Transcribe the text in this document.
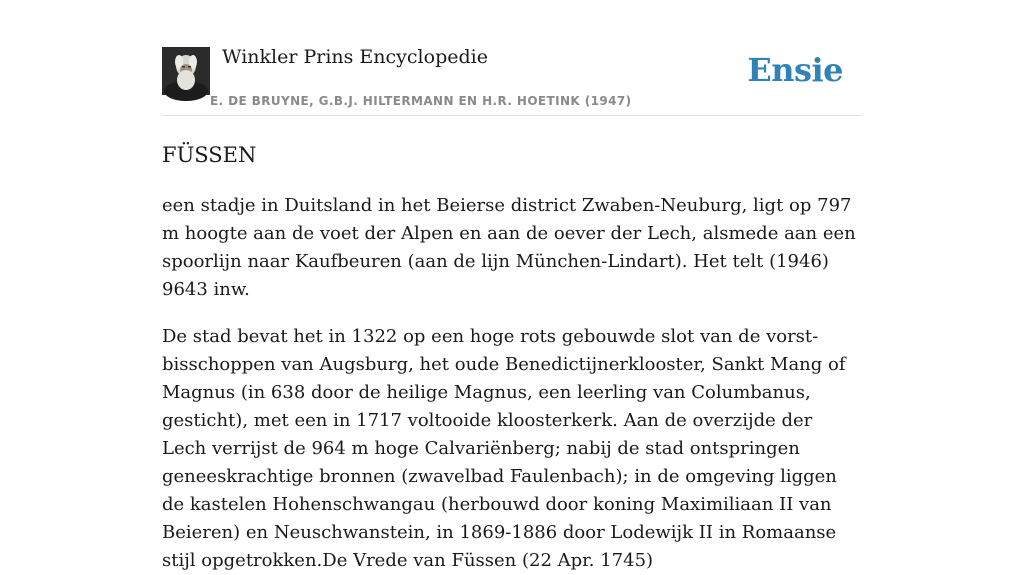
Winkler Prins Encyclopedie
E. DE BRUYNE, G.B.J. HILTERMANN EN H.R. HOETINK (1947)
Ensie
FÜSSEN

een stadje in Duitsland in het Beierse district Zwaben-Neuburg, ligt op 797 m hoogte aan de voet der Alpen en aan de oever der Lech, alsmede aan een spoorlijn naar Kaufbeuren (aan de lijn München-Lindart). Het telt (1946) 9643 inw.

De stad bevat het in 1322 op een hoge rots gebouwde slot van de vorst-bisschoppen van Augsburg, het oude Benedictijnerklooster, Sankt Mang of Magnus (in 638 door de heilige Magnus, een leerling van Columbanus, gesticht), met een in 1717 voltooide kloosterkerk. Aan de overzijde der Lech verrijst de 964 m hoge Calvariënberg; nabij de stad ontspringen geneeskrachtige bronnen (zwavelbad Faulenbach); in de omgeving liggen de kastelen Hohenschwangau (herbouwd door koning Maximiliaan II van Beieren) en Neuschwanstein, in 1869-1886 door Lodewijk II in Romaanse stijl opgetrokken.De Vrede van Füssen (22 Apr. 1745)
